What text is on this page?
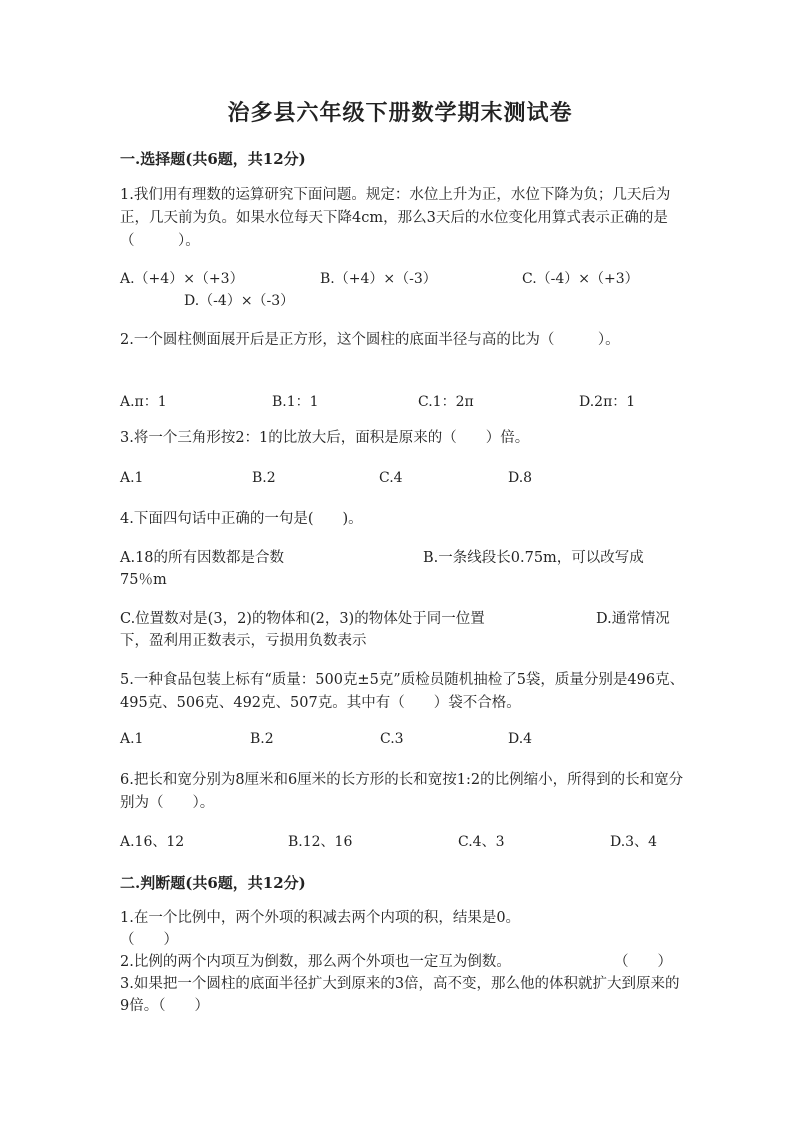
治多县六年级下册数学期末测试卷
一.选择题(共6题，共12分)
1.我们用有理数的运算研究下面问题。规定：水位上升为正，水位下降为负；几天后为正，几天前为负。如果水位每天下降4cm，那么3天后的水位变化用算式表示正确的是（　　　）。
A.（+4）×（+3）	B.（+4）×（-3）	C.（-4）×（+3）
D.（-4）×（-3）
2.一个圆柱侧面展开后是正方形，这个圆柱的底面半径与高的比为（　　　）。
A.π：1	B.1：1	C.1：2π	D.2π：1
3.将一个三角形按2：1的比放大后，面积是原来的（　　）倍。
A.1	B.2	C.4	D.8
4.下面四句话中正确的一句是(　　)。
A.18的所有因数都是合数	B.一条线段长0.75m，可以改写成
75％m
C.位置数对是(3，2)的物体和(2，3)的物体处于同一位置	D.通常情况
下，盈利用正数表示，亏损用负数表示
5.一种食品包装上标有“质量：500克±5克”质检员随机抽检了5袋，质量分别是496克、495克、506克、492克、507克。其中有（　　）袋不合格。
A.1	B.2	C.3	D.4
6.把长和宽分别为8厘米和6厘米的长方形的长和宽按1:2的比例缩小，所得到的长和宽分别为（　　）。
A.16、12	B.12、16	C.4、3	D.3、4
二.判断题(共6题，共12分)
1.在一个比例中，两个外项的积减去两个内项的积，结果是0。
（　　）
2.比例的两个内项互为倒数，那么两个外项也一定互为倒数。	（　　）
3.如果把一个圆柱的底面半径扩大到原来的3倍，高不变，那么他的体积就扩大到原来的9倍。（　　）
